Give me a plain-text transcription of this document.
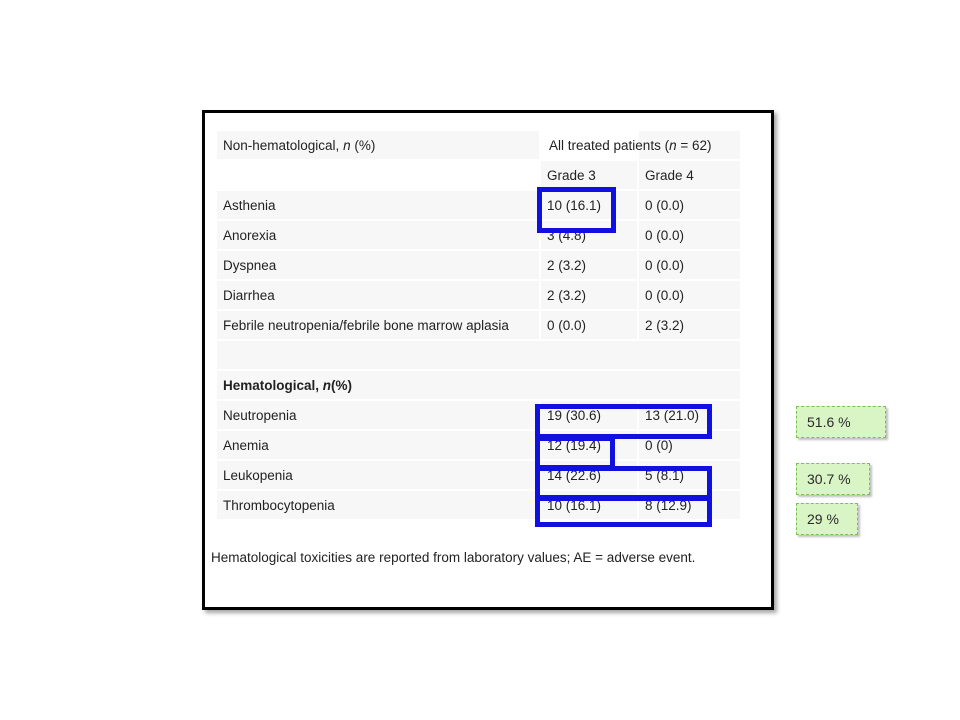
Non-hematological, n (%)		All treated patients (n = 62)
	Grade 3	Grade 4
Asthenia	10 (16.1)	0 (0.0)
Anorexia	3 (4.8)	0 (0.0)
Dyspnea	2 (3.2)	0 (0.0)
Diarrhea	2 (3.2)	0 (0.0)
Febrile neutropenia/febrile bone marrow aplasia	0 (0.0)	2 (3.2)

Hematological, n(%)		
Neutropenia	19 (30.6)	13 (21.0)
Anemia	12 (19.4)	0 (0)
Leukopenia	14 (22.6)	5 (8.1)
Thrombocytopenia	10 (16.1)	8 (12.9)
Hematological toxicities are reported from laboratory values; AE = adverse event.
51.6 %
30.7 %
29 %
